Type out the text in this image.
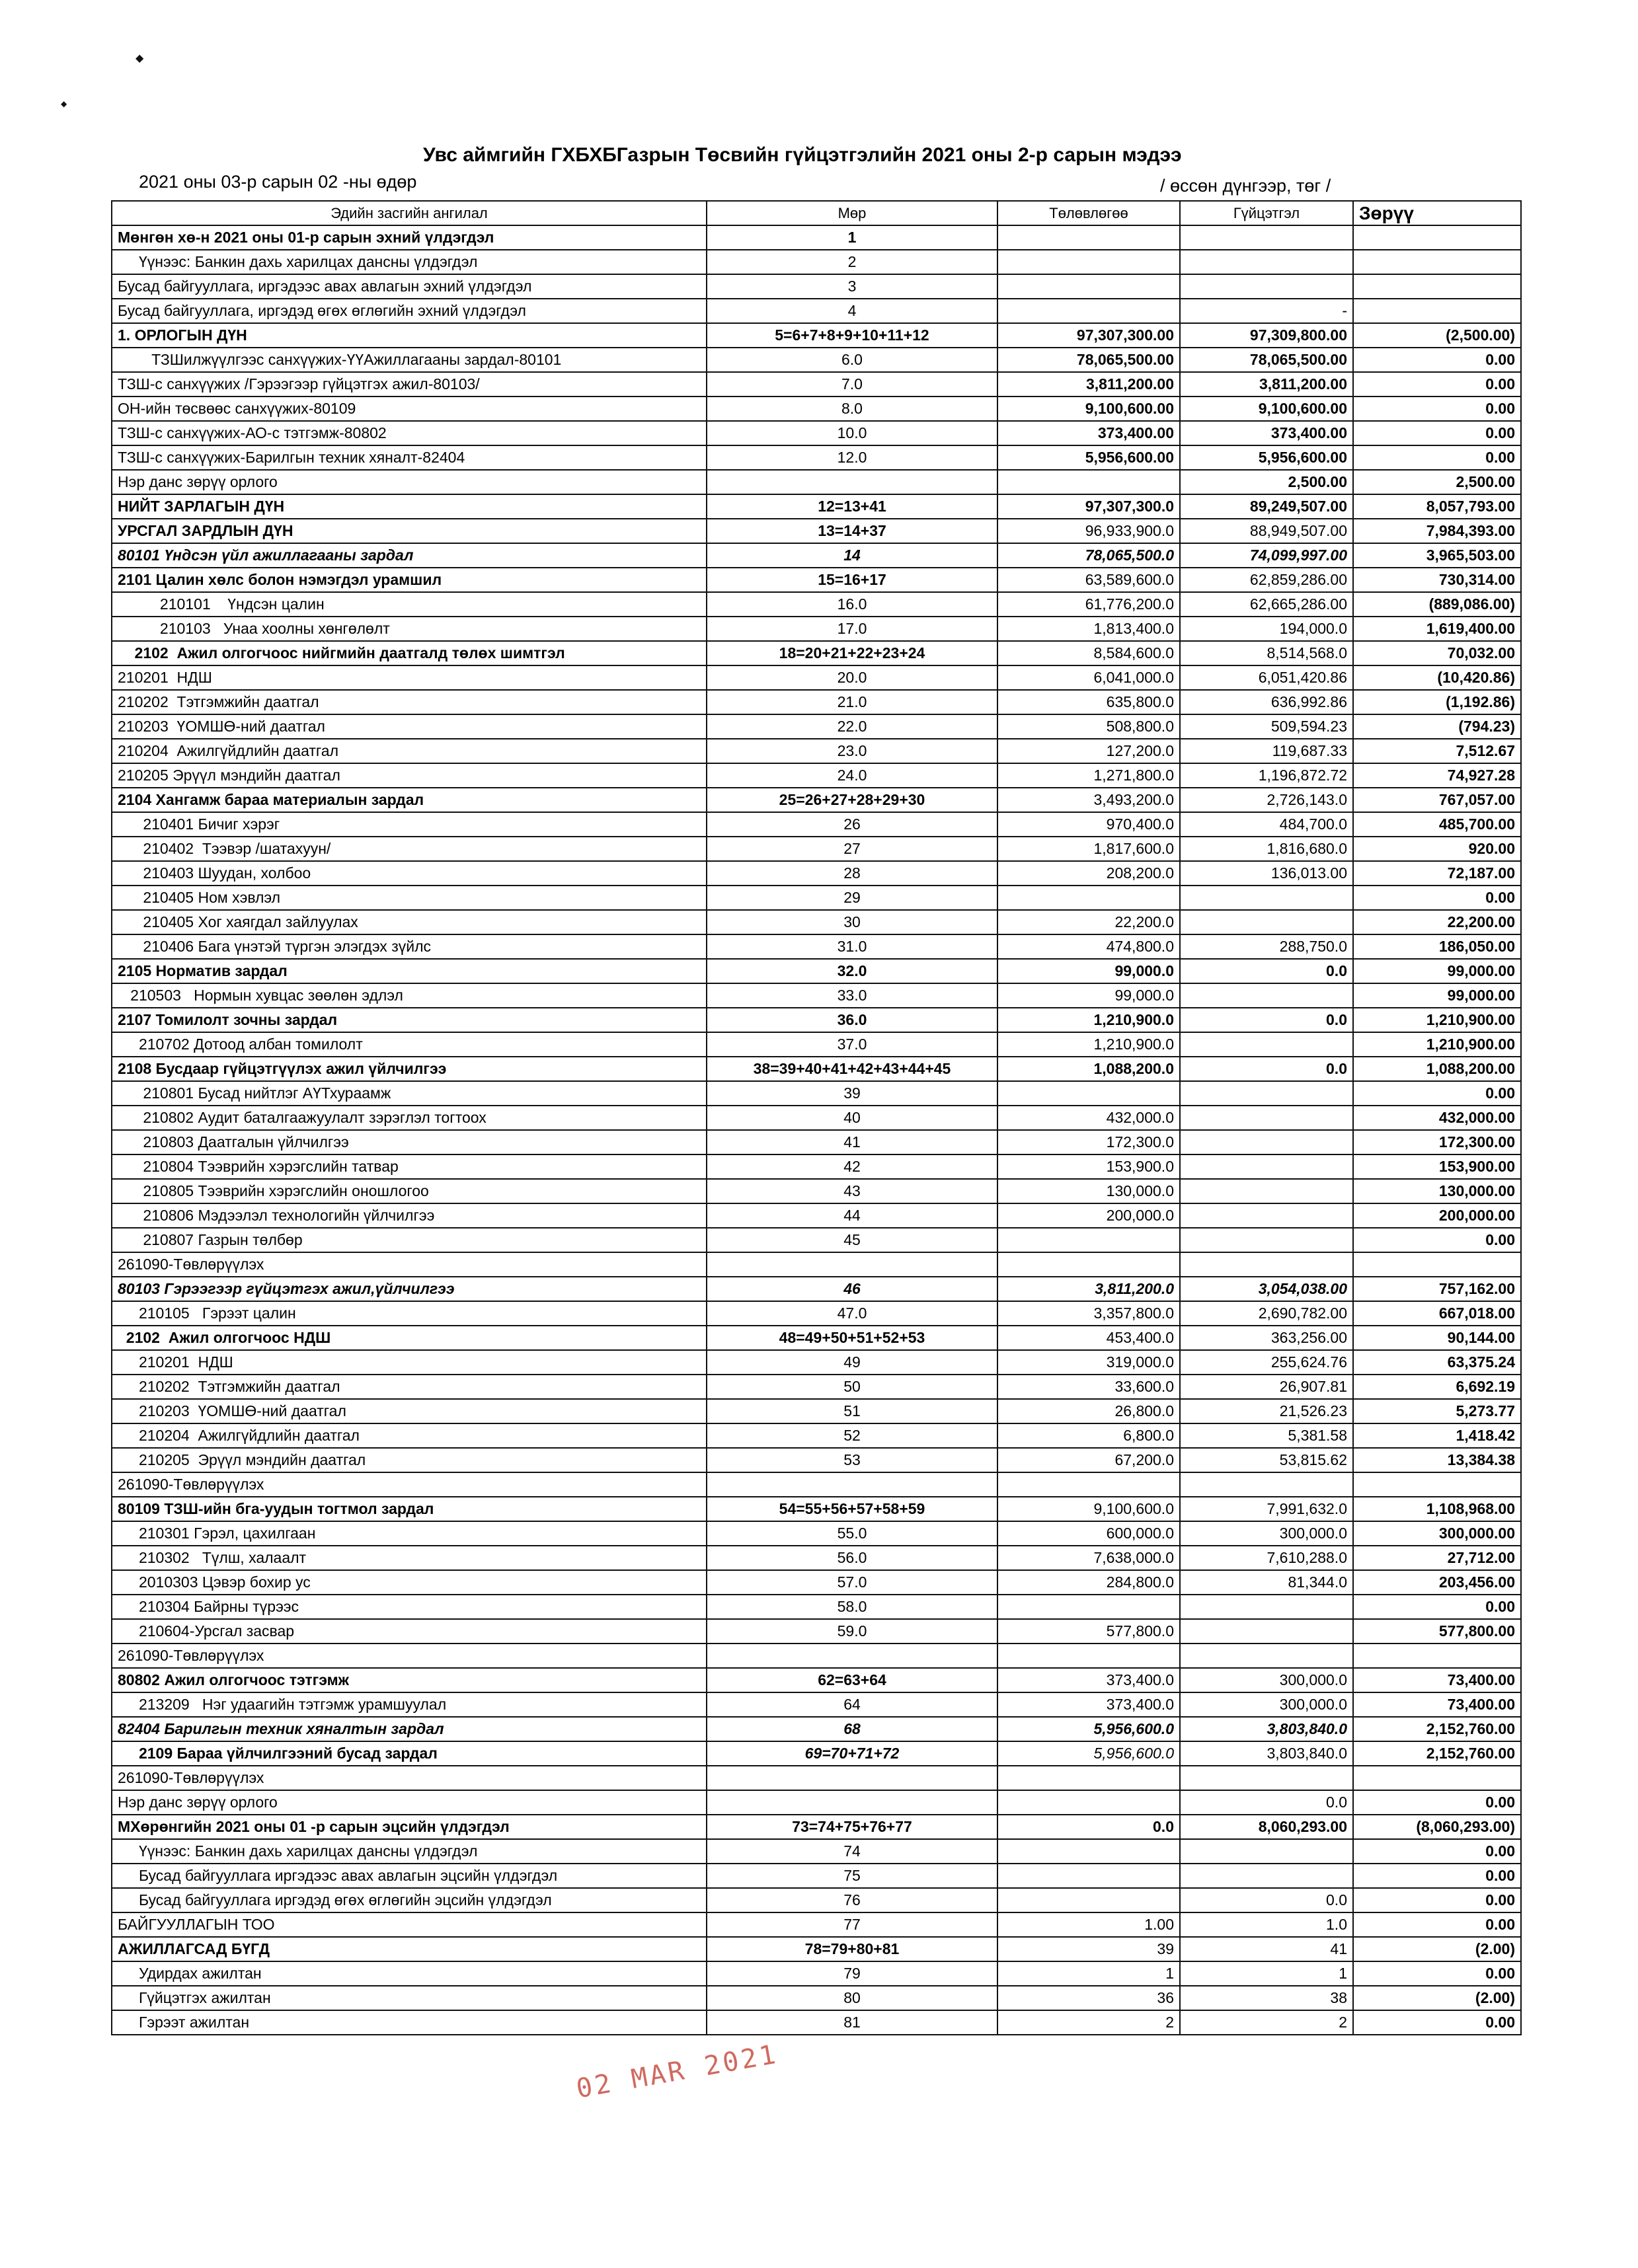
◆
◆
Увс аймгийн ГХБХБГазрын Төсвийн гүйцэтгэлийн 2021 оны 2-р сарын мэдээ
2021 оны 03-р сарын 02 -ны өдөр	/ өссөн дүнгээр, төг /
Эдийн засгийн ангилал	Мөр	Төлөвлөгөө	Гүйцэтгэл	Зөрүү
Мөнгөн хө-н 2021 оны 01-р сарын эхний үлдэгдэл	1			
Үүнээс: Банкин дахь харилцах дансны үлдэгдэл	2			
Бусад байгууллага, иргэдээс авах авлагын эхний үлдэгдэл	3			
Бусад байгууллага, иргэдэд өгөх өглөгийн эхний үлдэгдэл	4		-	
1. ОРЛОГЫН ДҮН	5=6+7+8+9+10+11+12	97,307,300.00	97,309,800.00	(2,500.00)
ТЗШилжүүлгээс санхүүжих-ҮҮАжиллагааны зардал-80101	6.0	78,065,500.00	78,065,500.00	0.00
ТЗШ-с санхүүжих /Гэрээгээр гүйцэтгэх ажил-80103/	7.0	3,811,200.00	3,811,200.00	0.00
ОН-ийн төсвөөс санхүүжих-80109	8.0	9,100,600.00	9,100,600.00	0.00
ТЗШ-с санхүүжих-АО-с тэтгэмж-80802	10.0	373,400.00	373,400.00	0.00
ТЗШ-с санхүүжих-Барилгын техник хяналт-82404	12.0	5,956,600.00	5,956,600.00	0.00
Нэр данс зөрүү орлого			2,500.00	2,500.00
НИЙТ ЗАРЛАГЫН ДҮН	12=13+41	97,307,300.0	89,249,507.00	8,057,793.00
УРСГАЛ ЗАРДЛЫН ДҮН	13=14+37	96,933,900.0	88,949,507.00	7,984,393.00
80101 Үндсэн үйл ажиллагааны зардал	14	78,065,500.0	74,099,997.00	3,965,503.00
2101 Цалин хөлс болон нэмэгдэл урамшил	15=16+17	63,589,600.0	62,859,286.00	730,314.00
210101    Үндсэн цалин	16.0	61,776,200.0	62,665,286.00	(889,086.00)
210103   Унаа хоолны хөнгөлөлт	17.0	1,813,400.0	194,000.0	1,619,400.00
2102  Ажил олгогчоос нийгмийн даатгалд төлөх шимтгэл	18=20+21+22+23+24	8,584,600.0	8,514,568.0	70,032.00
210201  НДШ	20.0	6,041,000.0	6,051,420.86	(10,420.86)
210202  Тэтгэмжийн даатгал	21.0	635,800.0	636,992.86	(1,192.86)
210203  ҮОМШӨ-ний даатгал	22.0	508,800.0	509,594.23	(794.23)
210204  Ажилгүйдлийн даатгал	23.0	127,200.0	119,687.33	7,512.67
210205 Эрүүл мэндийн даатгал	24.0	1,271,800.0	1,196,872.72	74,927.28
2104 Хангамж бараа материалын зардал	25=26+27+28+29+30	3,493,200.0	2,726,143.0	767,057.00
210401 Бичиг хэрэг	26	970,400.0	484,700.0	485,700.00
210402  Тээвэр /шатахуун/	27	1,817,600.0	1,816,680.0	920.00
210403 Шуудан, холбоо	28	208,200.0	136,013.00	72,187.00
210405 Ном хэвлэл	29			0.00
210405 Хог хаягдал зайлуулах	30	22,200.0		22,200.00
210406 Бага үнэтэй түргэн элэгдэх зүйлс	31.0	474,800.0	288,750.0	186,050.00
2105 Норматив зардал	32.0	99,000.0	0.0	99,000.00
210503   Нормын хувцас зөөлөн эдлэл	33.0	99,000.0		99,000.00
2107 Томилолт зочны зардал	36.0	1,210,900.0	0.0	1,210,900.00
210702 Дотоод албан томилолт	37.0	1,210,900.0		1,210,900.00
2108 Бусдаар гүйцэтгүүлэх ажил үйлчилгээ	38=39+40+41+42+43+44+45	1,088,200.0	0.0	1,088,200.00
210801 Бусад нийтлэг АҮТхураамж	39			0.00
210802 Аудит баталгаажуулалт зэрэглэл тогтоох	40	432,000.0		432,000.00
210803 Даатгалын үйлчилгээ	41	172,300.0		172,300.00
210804 Тээврийн хэрэгслийн татвар	42	153,900.0		153,900.00
210805 Тээврийн хэрэгслийн оношлогоо	43	130,000.0		130,000.00
210806 Мэдээлэл технологийн үйлчилгээ	44	200,000.0		200,000.00
210807 Газрын төлбөр	45			0.00
261090-Төвлөрүүлэх				
80103 Гэрээгээр гүйцэтгэх ажил,үйлчилгээ	46	3,811,200.0	3,054,038.00	757,162.00
210105   Гэрээт цалин	47.0	3,357,800.0	2,690,782.00	667,018.00
2102  Ажил олгогчоос НДШ	48=49+50+51+52+53	453,400.0	363,256.00	90,144.00
210201  НДШ	49	319,000.0	255,624.76	63,375.24
210202  Тэтгэмжийн даатгал	50	33,600.0	26,907.81	6,692.19
210203  ҮОМШӨ-ний даатгал	51	26,800.0	21,526.23	5,273.77
210204  Ажилгүйдлийн даатгал	52	6,800.0	5,381.58	1,418.42
210205  Эрүүл мэндийн даатгал	53	67,200.0	53,815.62	13,384.38
261090-Төвлөрүүлэх				
80109 ТЗШ-ийн бга-уудын тогтмол зардал	54=55+56+57+58+59	9,100,600.0	7,991,632.0	1,108,968.00
210301 Гэрэл, цахилгаан	55.0	600,000.0	300,000.0	300,000.00
210302   Түлш, халаалт	56.0	7,638,000.0	7,610,288.0	27,712.00
2010303 Цэвэр бохир ус	57.0	284,800.0	81,344.0	203,456.00
210304 Байрны түрээс	58.0			0.00
210604-Урсгал засвар	59.0	577,800.0		577,800.00
261090-Төвлөрүүлэх				
80802 Ажил олгогчоос тэтгэмж	62=63+64	373,400.0	300,000.0	73,400.00
213209   Нэг удаагийн тэтгэмж урамшуулал	64	373,400.0	300,000.0	73,400.00
82404 Барилгын техник хяналтын зардал	68	5,956,600.0	3,803,840.0	2,152,760.00
2109 Бараа үйлчилгээний бусад зардал	69=70+71+72	5,956,600.0	3,803,840.0	2,152,760.00
261090-Төвлөрүүлэх				
Нэр данс зөрүү орлого			0.0	0.00
МХөрөнгийн 2021 оны 01 -р сарын эцсийн үлдэгдэл	73=74+75+76+77	0.0	8,060,293.00	(8,060,293.00)
Үүнээс: Банкин дахь харилцах дансны үлдэгдэл	74			0.00
Бусад байгууллага иргэдээс авах авлагын эцсийн үлдэгдэл	75			0.00
Бусад байгууллага иргэдэд өгөх өглөгийн эцсийн үлдэгдэл	76		0.0	0.00
БАЙГУУЛЛАГЫН ТОО	77	1.00	1.0	0.00
АЖИЛЛАГСАД БҮГД	78=79+80+81	39	41	(2.00)
Удирдах ажилтан	79	1	1	0.00
Гүйцэтгэх ажилтан	80	36	38	(2.00)
Гэрээт ажилтан	81	2	2	0.00
02 MAR 2021
